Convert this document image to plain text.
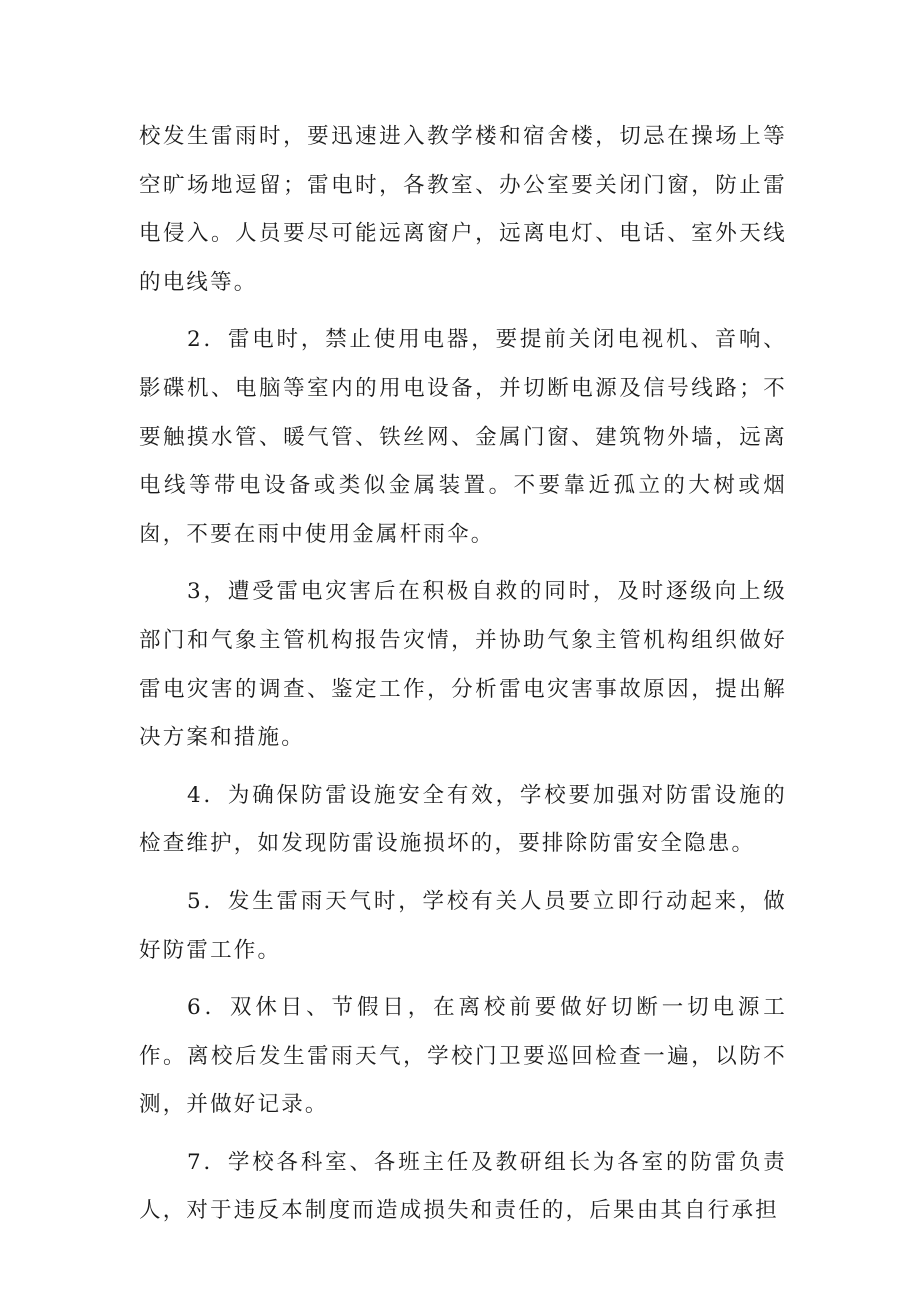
校发生雷雨时，要迅速进入教学楼和宿舍楼，切忌在操场上等空旷场地逗留；雷电时，各教室、办公室要关闭门窗，防止雷电侵入。人员要尽可能远离窗户，远离电灯、电话、室外天线的电线等。

2．雷电时，禁止使用电器，要提前关闭电视机、音响、影碟机、电脑等室内的用电设备，并切断电源及信号线路；不要触摸水管、暖气管、铁丝网、金属门窗、建筑物外墙，远离电线等带电设备或类似金属装置。不要靠近孤立的大树或烟囱，不要在雨中使用金属杆雨伞。

3，遭受雷电灾害后在积极自救的同时，及时逐级向上级部门和气象主管机构报告灾情，并协助气象主管机构组织做好雷电灾害的调查、鉴定工作，分析雷电灾害事故原因，提出解决方案和措施。

4．为确保防雷设施安全有效，学校要加强对防雷设施的检查维护，如发现防雷设施损坏的，要排除防雷安全隐患。

5．发生雷雨天气时，学校有关人员要立即行动起来，做好防雷工作。

6．双休日、节假日，在离校前要做好切断一切电源工作。离校后发生雷雨天气，学校门卫要巡回检查一遍，以防不测，并做好记录。

7．学校各科室、各班主任及教研组长为各室的防雷负责人，对于违反本制度而造成损失和责任的，后果由其自行承担
